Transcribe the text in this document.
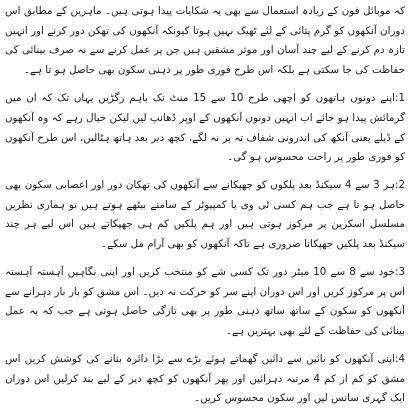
کہ موبائل فون کے زیادہ استعمال سے بھی یہ شکایات پیدا ہوتی ہیں۔ ماہرین کے مطابق اس دوران آنکھوں کو گرم پتائی کے لئے ٹھیک نہیں ہوتا کیونکہ آنکھوں کی تھکن دور کرنے اور انہیں تازہ دم کرنے کے لیے چند آسان اور موثر مشقیں ہیں جن پر عمل کرنے سے نہ صرف بینائی کی حفاظت کی جا سکتی ہے بلکہ اس طرح فوری طور پر ذہنی سکون بھی حاصل ہو تا ہے۔

1:اپنے دونوں ہاتھوں کو اچھی طرح 10 سے 15 منٹ تک باہم رگڑیں یہاں تک کہ ان میں گرمائش پیدا ہو جائے اب انہیں دونوں آنکھوں کے اوپر ڈھانپ لیں لیکن خیال رہے کہ وہ آنکھوں کے ڈیلے یعنی آنکھ کی اندرونی شفاف تہ پر نہ لگے، کچھ دیر بعد ہاتھ ہٹالیں، اس طرح آنکھوں کو فوری طور پر راحت محسوس ہو گی۔

2:ہر 3 سے 4 سیکنڈ بعد پلکوں کو جھپکانے سے آنکھوں کی تھکان دور اور اعصابی سکون بھی حاصل ہو تا ہے جب ہم کسی ٹی وی یا کمپیوٹر کے سامنے بیٹھے ہوتے ہیں تو ہماری نظریں مسلسل اسکرین پر مرکوز ہوتی ہیں اور ہم پلکیں کم ہی جھپکاتے ہیں اس لیے ہر چند سیکنڈ بعد پلکیں جھپکانا ضروری ہے تاکہ آنکھوں کو بھی آرام مل سکے۔

3:خود سے 8 سے 10 میٹر دور تک کسی شے کو منتخب کریں اور اپنی نگاہیں آہستہ آہستہ اس پر مرکوز کریں اور اس دوران اپنے سر کو حرکت نہ دیں۔ اس مشق کو بار بار دہرانے سے آنکھوں کو سکون کے ساتھ ساتھ ذہنی طور پر بھی تازگی حاصل ہوتی ہے جب کہ یہ عمل بینائی کی حفاظت کے لئے بھی بہترین ہے۔

4:اپنی آنکھوں کو بائیں سے دائیں گھماتے ہوئے بڑے سے بڑا دائرہ بنانے کی کوشش کریں اس مشق کو کم از کم 4 مرتبہ دہرائیں اور پھر آنکھوں کو کچھ دیر کے لیے بند کرلیں اس دوران ایک گہری سانس لیں اور سکون محسوس کریں۔
